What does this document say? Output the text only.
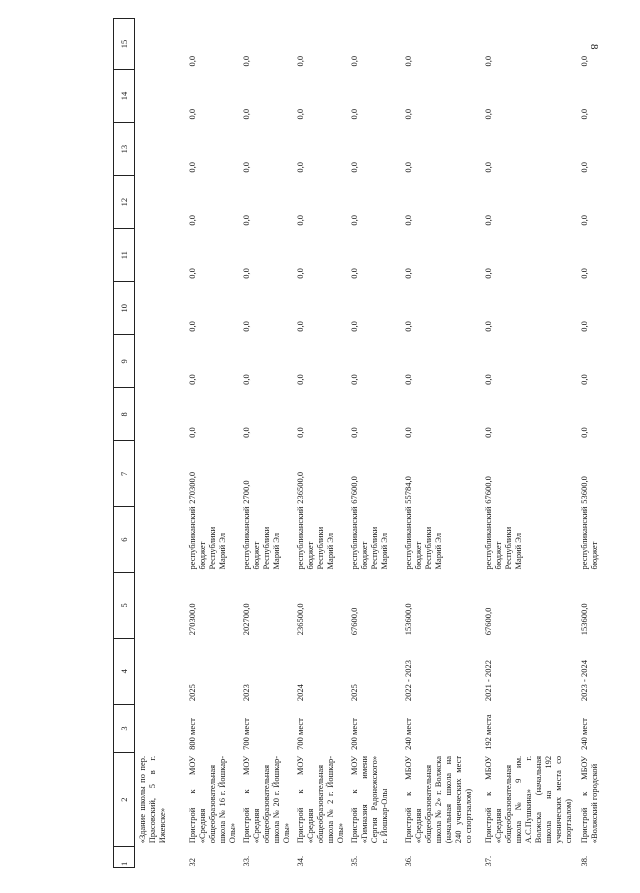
8
1	2	3	4	5	6	7	8	9	10	11	12	13	14	15
	«Здание школы по пер. Прасовский, 5 в г. Ижевске»													
32	Пристрой к МОУ «Средняя общеобразовательная школа № 16 г. Йошкар-Олы»	800 мест	2025	270300,0	республиканский бюджет Республики Марий Эл	270300,0	0,0	0,0	0,0	0,0	0,0	0,0	0,0	0,0
33.	Пристрой к МОУ «Средняя общеобразовательная школа № 20 г. Йошкар-Олы»	700 мест	2023	202700,0	республиканский бюджет Республики Марий Эл	2700,0	0,0	0,0	0,0	0,0	0,0	0,0	0,0	0,0
34.	Пристрой к МОУ «Средняя общеобразовательная школа № 2 г. Йошкар-Олы»	700 мест	2024	236500,0	республиканский бюджет Республики Марий Эл	236500,0	0,0	0,0	0,0	0,0	0,0	0,0	0,0	0,0
35.	Пристрой к МОУ «Гимназия имени Сергия Радонежского» г. Йошкар-Олы	200 мест	2025	67600,0	республиканский бюджет Республики Марий Эл	67600,0	0,0	0,0	0,0	0,0	0,0	0,0	0,0	0,0
36.	Пристрой к МБОУ «Средняя общеобразовательная школа № 2» г. Волжска (начальная школа на 240 ученических мест со спортзалом)	240 мест	2022 - 2023	153600,0	республиканский бюджет Республики Марий Эл	55784,0	0,0	0,0	0,0	0,0	0,0	0,0	0,0	0,0
37.	Пристрой к МБОУ «Средняя общеобразовательная школа № 9 им. А.С.Пушкина» г. Волжска (начальная школа на 192 ученических места со спортзалом)	192 места	2021 - 2022	67600,0	республиканский бюджет Республики Марий Эл	67600,0	0,0	0,0	0,0	0,0	0,0	0,0	0,0	0,0
38.	Пристрой к МБОУ «Волжский городской	240 мест	2023 - 2024	153600,0	республиканский бюджет	53600,0	0,0	0,0	0,0	0,0	0,0	0,0	0,0	0,0
